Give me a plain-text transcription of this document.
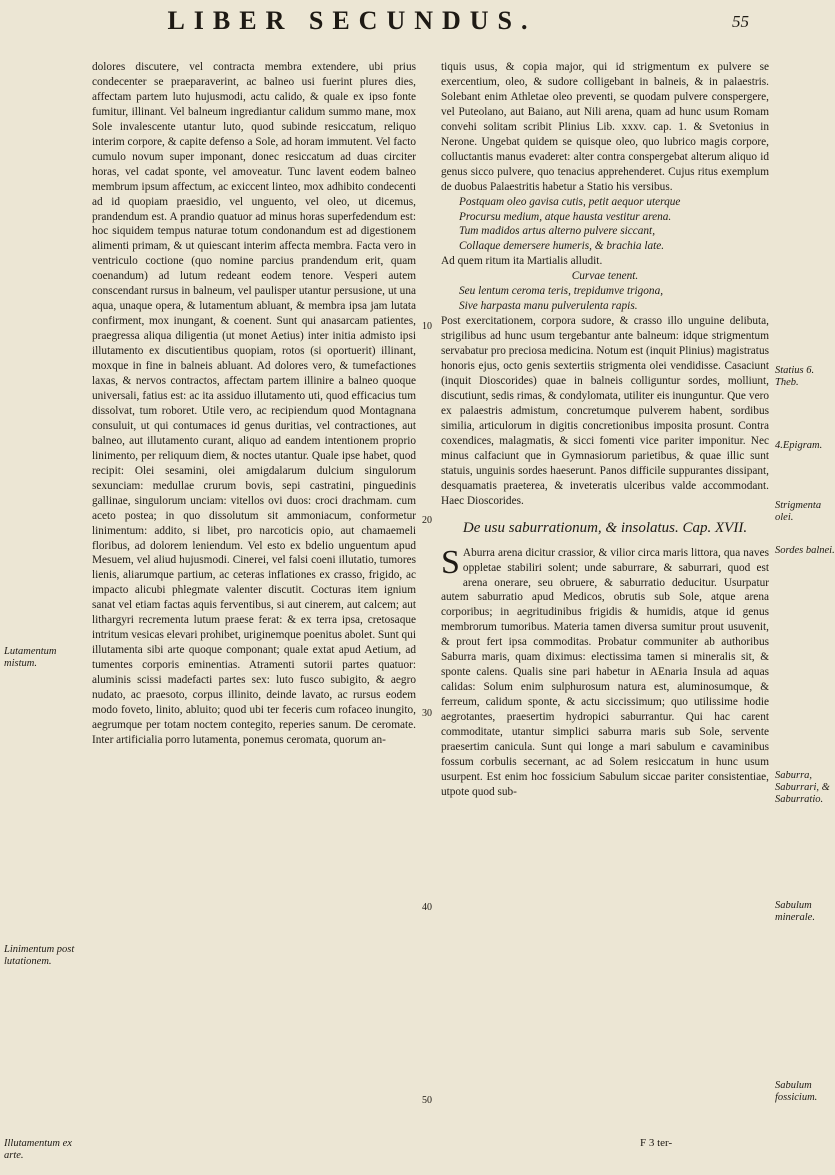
LIBER SECUNDUS.	55
Lutamentum mistum.
Linimentum post lutationem.
Illutamentum ex arte.
10
20
30
40
50

dolores discutere, vel contracta membra extendere, ubi prius condecenter se praeparaverint, ac balneo usi fuerint plures dies, affectam partem luto hujusmodi, actu calido, & quale ex ipso fonte fumitur, illinant. Vel balneum ingrediantur calidum summo mane, mox Sole invalescente utantur luto, quod subinde resiccatum, reliquo interim corpore, & capite defenso a Sole, ad horam immutent. Vel facto cumulo novum super imponant, donec resiccatum ad duas circiter horas, vel cadat sponte, vel amoveatur. Tunc lavent eodem balneo membrum ipsum affectum, ac exiccent linteo, mox adhibito condecenti ad id quopiam praesidio, vel unguento, vel oleo, ut dicemus, prandendum est. A prandio quatuor ad minus horas superfedendum est: hoc siquidem tempus naturae totum condonandum est ad digestionem alimenti primam, & ut quiescant interim affecta membra. Facta vero in ventriculo coctione (quo nomine parcius prandendum erit, quam coenandum) ad lutum redeant eodem tenore. Vesperi autem conscendant rursus in balneum, vel paulisper utantur persusione, ut una aqua, unaque opera, & lutamentum abluant, & membra ipsa jam lutata confirment, mox inungant, & coenent. Sunt qui anasarcam patientes, praegressa aliqua diligentia (ut monet Aetius) inter initia admisto ipsi illutamento ex discutientibus quopiam, rotos (si oportuerit) illinant, moxque in fine in balneis abluant. Ad dolores vero, & tumefactiones laxas, & nervos contractos, affectam partem illinire a balneo quoque universali, fatius est: ac ita assiduo illutamento uti, quod efficacius tum dissolvat, tum roboret. Utile vero, ac recipiendum quod Montagnana consuluit, ut qui contumaces id genus duritias, vel contractiones, aut balneo, aut illutamento curant, aliquo ad eandem intentionem proprio linimento, per reliquum diem, & noctes utantur. Quale ipse habet, quod recipit: Olei sesamini, olei amigdalarum dulcium singulorum sexunciam: medullae crurum bovis, sepi castratini, pinguedinis gallinae, singulorum unciam: vitellos ovi duos: croci drachmam. cum aceto postea; in quo dissolutum sit ammoniacum, conformetur linimentum: addito, si libet, pro narcoticis opio, aut chamaemeli floribus, ad dolorem leniendum. Vel esto ex bdelio unguentum apud Mesuem, vel aliud hujusmodi. Cinerei, vel falsi coeni illutatio, tumores lienis, aliarumque partium, ac ceteras inflationes ex crasso, frigido, ac impacto alicubi phlegmate valenter discutit. Cocturas item ignium sanat vel etiam factas aquis ferventibus, si aut cinerem, aut calcem; aut lithargyri recrementa lutum praese ferat: & ex terra ipsa, cretosaque intritum vesicas elevari prohibet, uriginemque poenitus abolet. Sunt qui illutamenta sibi arte quoque componant; quale extat apud Aetium, ad tumentes corporis eminentias. Atramenti sutorii partes quatuor: aluminis scissi madefacti partes sex: luto fusco subigito, & aegro nudato, ac praesoto, corpus illinito, deinde lavato, ac rursus eodem modo foveto, linito, abluito; quod ubi ter feceris cum rofaceo inungito, aegrumque per totam noctem contegito, reperies sanum. De ceromate. Inter artificialia porro lutamenta, ponemus ceromata, quorum an-

tiquis usus, & copia major, qui id strigmentum ex pulvere se exercentium, oleo, & sudore colligebant in balneis, & in palaestris. Solebant enim Athletae oleo preventi, se quodam pulvere conspergere, vel Puteolano, aut Baiano, aut Nili arena, quam ad hunc usum Romam convehi solitam scribit Plinius Lib. xxxv. cap. 1. & Svetonius in Nerone. Ungebat quidem se quisque oleo, quo lubrico magis corpore, colluctantis manus evaderet: alter contra conspergebat alterum aliquo id genus sicco pulvere, quo tenacius apprehenderet. Cujus ritus exemplum de duobus Palaestritis habetur a Statio his versibus.

Postquam oleo gavisa cutis, petit aequor uterque

Procursu medium, atque hausta vestitur arena.

Tum madidos artus alterno pulvere siccant,

Collaque demersere humeris, & brachia late.

Ad quem ritum ita Martialis alludit.

Curvae tenent.

Seu lentum ceroma teris, trepidumve trigona,

Sive harpasta manu pulverulenta rapis.

Post exercitationem, corpora sudore, & crasso illo unguine delibuta, strigilibus ad hunc usum tergebantur ante balneum: idque strigmentum servabatur pro preciosa medicina. Notum est (inquit Plinius) magistratus honoris ejus, octo genis sextertiis strigmenta olei vendidisse. Casaciunt (inquit Dioscorides) quae in balneis colliguntur sordes, molliunt, discutiunt, sedis rimas, & condylomata, utiliter eis inunguntur. Que vero ex palaestris admistum, concretumque pulverem habent, sordibus similia, articulorum in digitis concretionibus imposita prosunt. Contra coxendices, malagmatis, & sicci fomenti vice pariter imponitur. Nec minus calfaciunt que in Gymnasiorum parietibus, & quae illic sunt statuis, unguinis sordes haeserunt. Panos difficile suppurantes dissipant, desquamatis praeterea, & inveteratis ulceribus valde accommodant. Haec Dioscorides.

De usu saburrationum, & insolatus. Cap. XVII.

S Aburra arena dicitur crassior, & vilior circa maris littora, qua naves oppletae stabiliri solent; unde saburrare, & saburrari, quod est arena onerare, seu obruere, & saburratio deducitur. Usurpatur autem saburratio apud Medicos, obrutis sub Sole, atque arena corporibus; in aegritudinibus frigidis & humidis, atque id genus membrorum tumoribus. Materia tamen diversa sumitur prout usuvenit, & prout fert ipsa commoditas. Probatur communiter ab authoribus Saburra maris, quam diximus: electissima tamen si mineralis sit, & sponte calens. Qualis sine pari habetur in AEnaria Insula ad aquas calidas: Solum enim sulphurosum natura est, aluminosumque, & ferreum, calidum sponte, & actu siccissimum; quo utilissime hodie aegrotantes, praesertim hydropici saburrantur. Qui hac carent commoditate, utantur simplici saburra maris sub Sole, servente praesertim canicula. Sunt qui longe a mari sabulum e cavaminibus fossum corbulis secernant, ac ad Solem resiccatum in hunc usum usurpent. Est enim hoc fossicium Sabulum siccae pariter consistentiae, utpote quod sub-

Statius 6. Theb.
4.Epigram.
Strigmenta olei.
Sordes balnei.
Saburra, Saburrari, & Saburratio.
Sabulum minerale.
Sabulum fossicium.
F 3 ter-
